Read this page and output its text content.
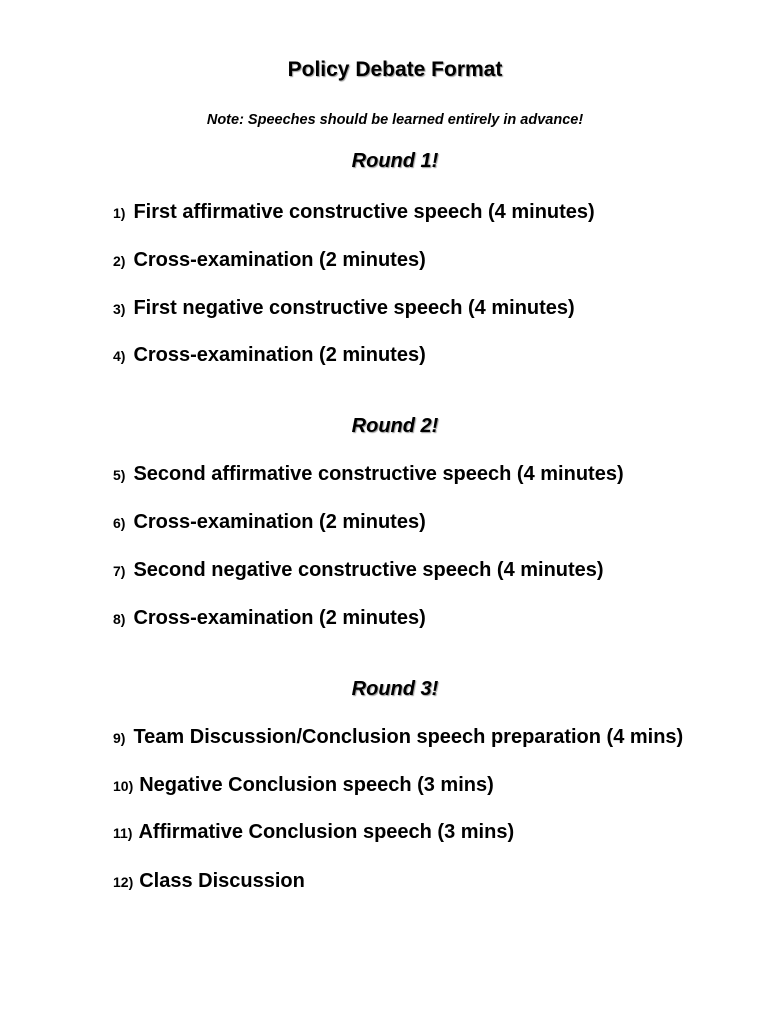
Policy Debate Format
Note: Speeches should be learned entirely in advance!
Round 1!
1) First affirmative constructive speech (4 minutes)
2) Cross-examination (2 minutes)
3) First negative constructive speech (4 minutes)
4) Cross-examination (2 minutes)
Round 2!
5) Second affirmative constructive speech (4 minutes)
6) Cross-examination (2 minutes)
7) Second negative constructive speech (4 minutes)
8) Cross-examination (2 minutes)
Round 3!
9) Team Discussion/Conclusion speech preparation (4 mins)
10) Negative Conclusion speech (3 mins)
11) Affirmative Conclusion speech (3 mins)
12) Class Discussion
